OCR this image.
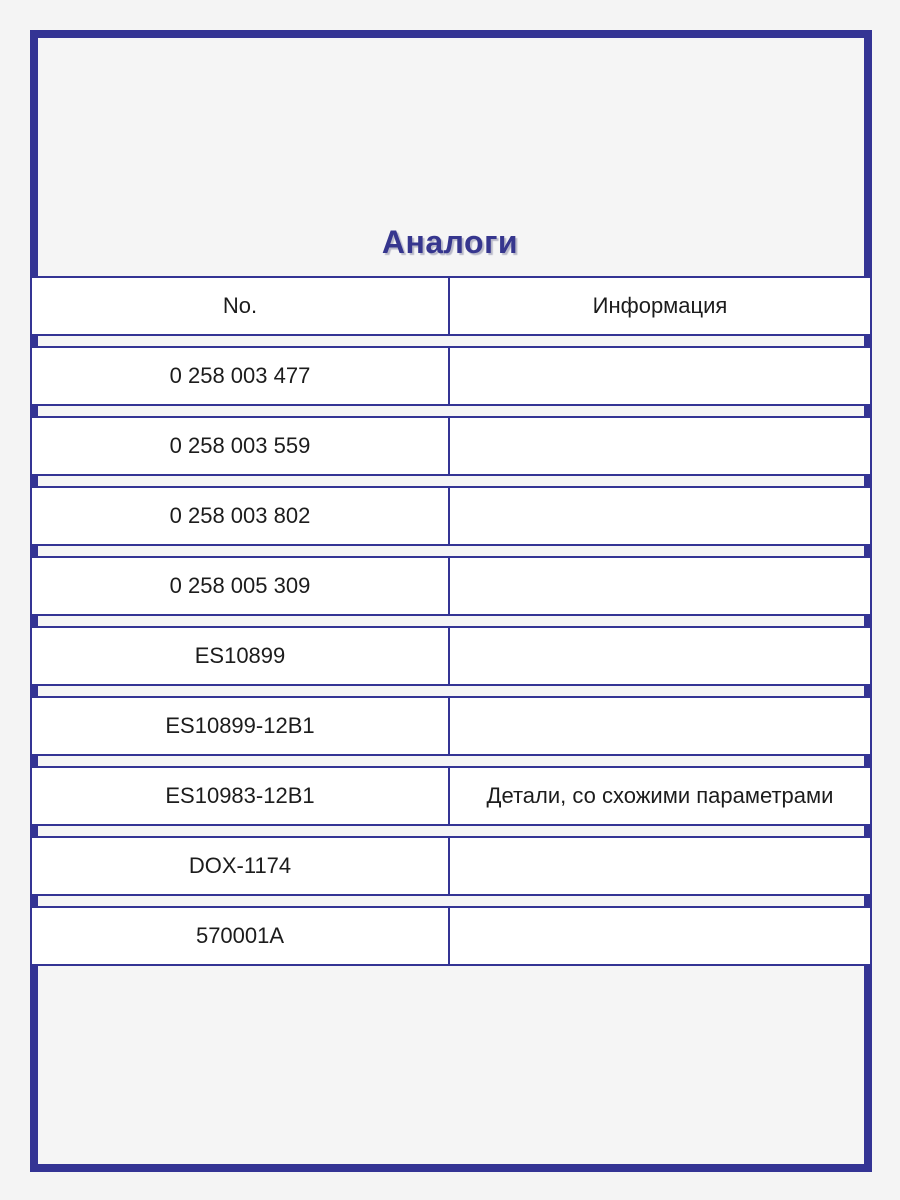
Аналоги
No.	Информация
0 258 003 477
0 258 003 559
0 258 003 802
0 258 005 309
ES10899
ES10899-12B1
ES10983-12B1	Детали, со схожими параметрами
DOX-1174
570001A
